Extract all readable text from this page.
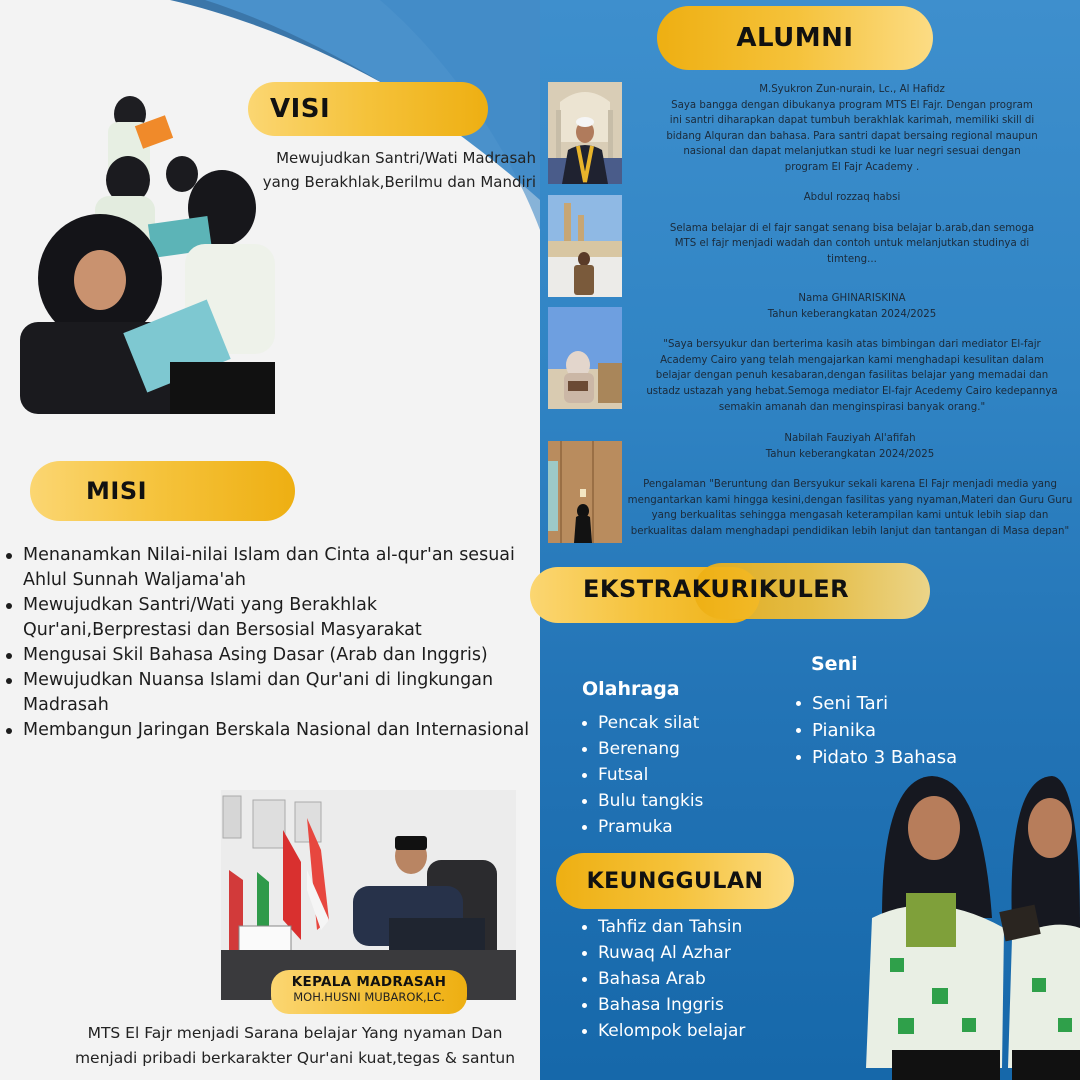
VISI
Mewujudkan Santri/Wati Madrasah
yang Berakhlak,Berilmu dan Mandiri
MISI
Menanamkan Nilai-nilai Islam dan Cinta al-qur'an sesuai Ahlul Sunnah Waljama'ah
Mewujudkan Santri/Wati yang Berakhlak Qur'ani,Berprestasi dan Bersosial Masyarakat
Mengusai Skil Bahasa Asing Dasar (Arab dan Inggris)
Mewujudkan Nuansa Islami dan Qur'ani di lingkungan Madrasah
Membangun Jaringan Berskala Nasional dan Internasional
KEPALA MADRASAH
MOH.HUSNI MUBAROK,LC.
MTS El Fajr menjadi Sarana belajar Yang nyaman Dan
menjadi pribadi berkarakter Qur'ani kuat,tegas & santun
ALUMNI
M.Syukron Zun-nurain, Lc., Al Hafidz
Saya bangga dengan dibukanya program MTS El Fajr. Dengan program ini santri diharapkan dapat tumbuh berakhlak karimah, memiliki skill di bidang Alquran dan bahasa. Para santri dapat bersaing regional maupun nasional dan dapat melanjutkan studi ke luar negri sesuai dengan program El Fajr Academy .
Abdul rozzaq habsi
Selama belajar di el fajr sangat senang bisa belajar b.arab,dan semoga MTS el fajr menjadi wadah dan contoh untuk melanjutkan studinya di timteng...
Nama GHINARISKINA
Tahun keberangkatan 2024/2025
"Saya bersyukur dan berterima kasih atas bimbingan dari mediator El-fajr Academy Cairo yang telah mengajarkan kami menghadapi kesulitan dalam belajar dengan penuh kesabaran,dengan fasilitas belajar yang memadai dan ustadz ustazah yang hebat.Semoga mediator El-fajr Acedemy Cairo kedepannya semakin amanah dan menginspirasi banyak orang."
Nabilah Fauziyah Al'afifah
Tahun keberangkatan 2024/2025
Pengalaman "Beruntung dan Bersyukur sekali karena El Fajr menjadi media yang mengantarkan kami hingga kesini,dengan fasilitas yang nyaman,Materi dan Guru Guru yang berkualitas sehingga mengasah keterampilan kami untuk lebih siap dan berkualitas dalam menghadapi pendidikan lebih lanjut dan tantangan di Masa depan"
EKSTRAKURIKULER
Olahraga
Pencak silat
Berenang
Futsal
Bulu tangkis
Pramuka
Seni
Seni Tari
Pianika
Pidato 3 Bahasa
KEUNGGULAN
Tahfiz dan Tahsin
Ruwaq Al Azhar
Bahasa Arab
Bahasa Inggris
Kelompok belajar
